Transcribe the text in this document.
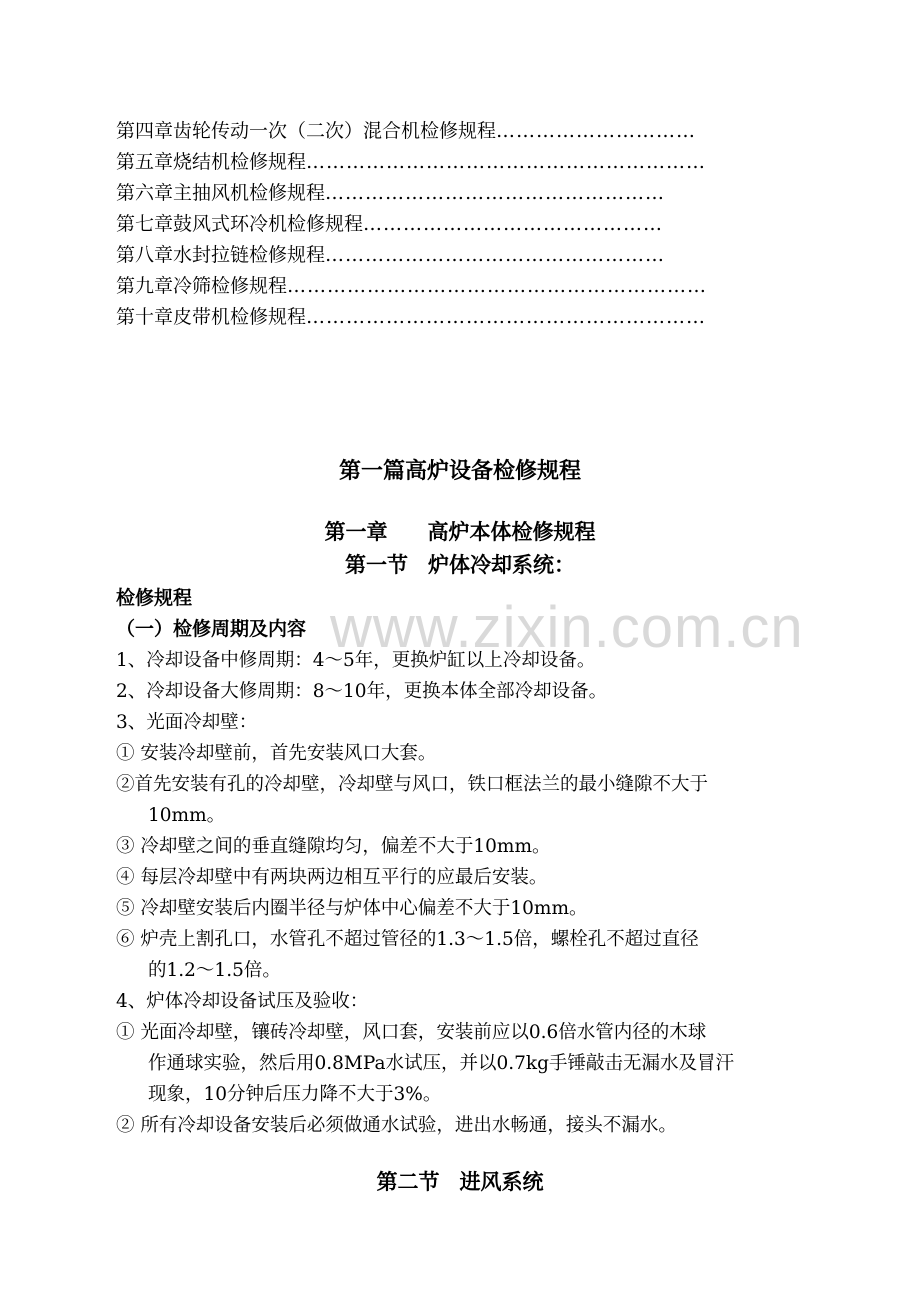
第四章齿轮传动一次（二次）混合机检修规程…………………………
第五章烧结机检修规程……………………………………………………
第六章主抽风机检修规程……………………………………………
第七章鼓风式环冷机检修规程………………………………………
第八章水封拉链检修规程……………………………………………
第九章冷筛检修规程………………………………………………………
第十章皮带机检修规程……………………………………………………
第一篇高炉设备检修规程
第一章 高炉本体检修规程
第一节 炉体冷却系统：
检修规程
（一）检修周期及内容
1、冷却设备中修周期：4～5年，更换炉缸以上冷却设备。
2、冷却设备大修周期：8～10年，更换本体全部冷却设备。
3、光面冷却壁：
① 安装冷却壁前，首先安装风口大套。
②首先安装有孔的冷却壁，冷却壁与风口，铁口框法兰的最小缝隙不大于
10mm。
③ 冷却壁之间的垂直缝隙均匀，偏差不大于10mm。
④ 每层冷却壁中有两块两边相互平行的应最后安装。
⑤ 冷却壁安装后内圈半径与炉体中心偏差不大于10mm。
⑥ 炉壳上割孔口，水管孔不超过管径的1.3～1.5倍，螺栓孔不超过直径
的1.2～1.5倍。
4、炉体冷却设备试压及验收：
① 光面冷却壁，镶砖冷却壁，风口套，安装前应以0.6倍水管内径的木球
作通球实验，然后用0.8MPa水试压，并以0.7kg手锤敲击无漏水及冒汗
现象，10分钟后压力降不大于3%。
② 所有冷却设备安装后必须做通水试验，进出水畅通，接头不漏水。
第二节 进风系统
www.zixin.com.cn
